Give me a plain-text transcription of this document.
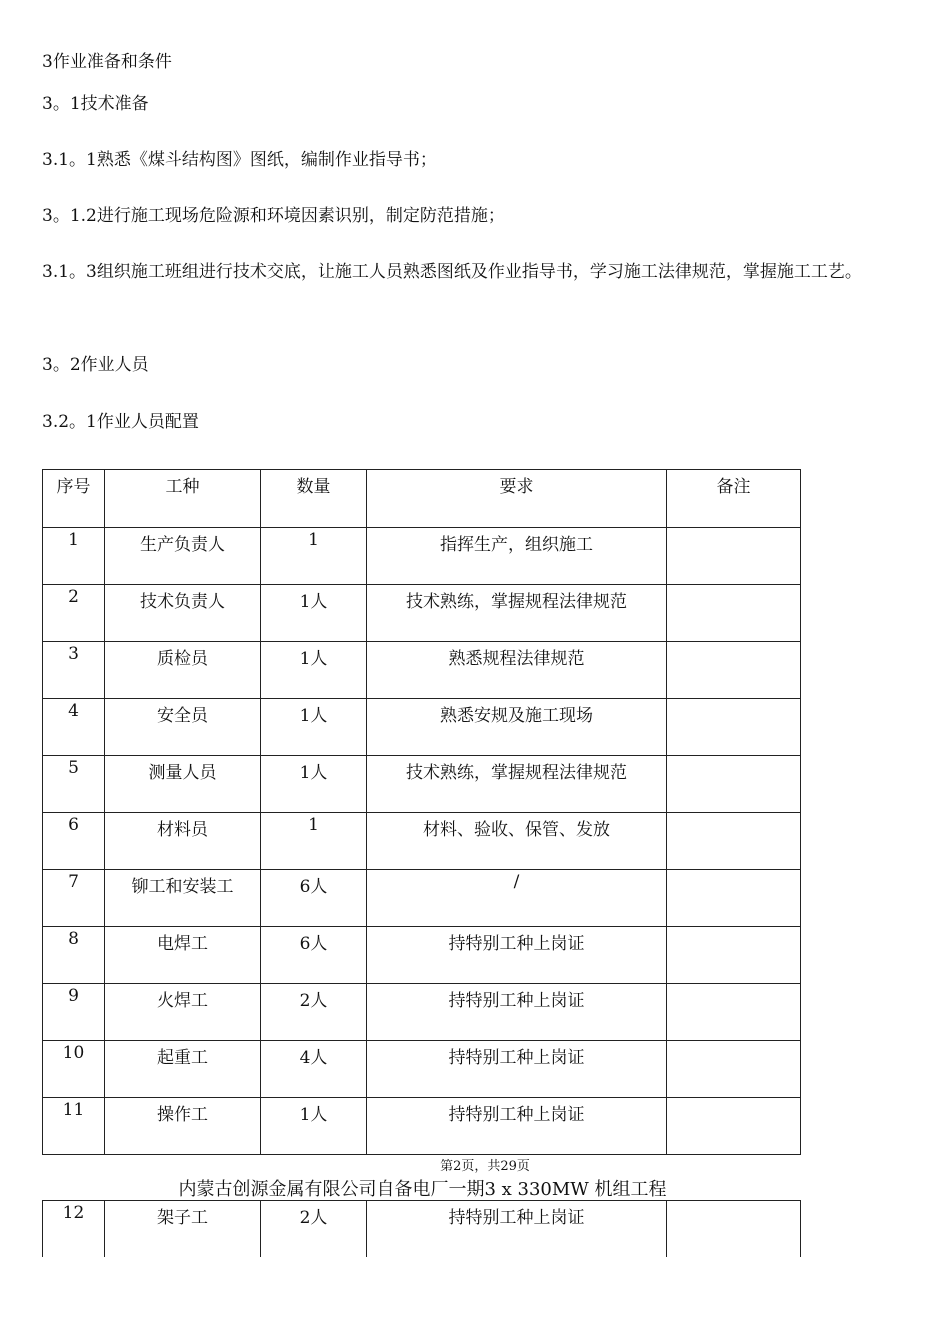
3作业准备和条件
3。1技术准备
3.1。1熟悉《煤斗结构图》图纸，编制作业指导书；
3。1.2进行施工现场危险源和环境因素识别，制定防范措施；
3.1。3组织施工班组进行技术交底，让施工人员熟悉图纸及作业指导书，学习施工法律规范，掌握施工工艺。
3。2作业人员
3.2。1作业人员配置
序号	工种	数量	要求	备注

1	生产负责人	1	指挥生产，组织施工	

2	技术负责人	1人	技术熟练，掌握规程法律规范	

3	质检员	1人	熟悉规程法律规范	

4	安全员	1人	熟悉安规及施工现场	

5	测量人员	1人	技术熟练，掌握规程法律规范	

6	材料员	1	材料、验收、保管、发放	

7	铆工和安装工	6人	/	

8	电焊工	6人	持特别工种上岗证	

9	火焊工	2人	持特别工种上岗证	

10	起重工	4人	持特别工种上岗证	

11	操作工	1人	持特别工种上岗证	

第2页，共29页
内蒙古创源金属有限公司自备电厂一期3 x 330MW 机组工程
12	架子工	2人	持特别工种上岗证
